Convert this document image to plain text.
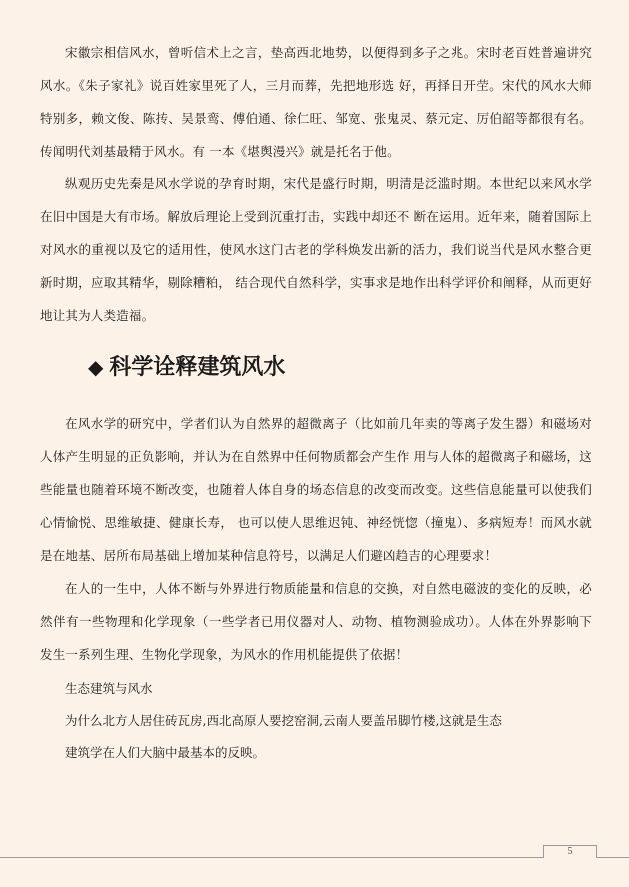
宋徽宗相信风水，曾听信术上之言，垫高西北地势，以便得到多子之兆。宋时老百姓普遍讲究风水。《朱子家礼》说百姓家里死了人，三月而葬，先把地形选 好，再择日开茔。宋代的风水大师特别多，赖文俊、陈抟、吴景鸾、傅伯通、徐仁旺、邹宽、张鬼灵、蔡元定、厉伯韶等都很有名。 传闻明代刘基最精于风水。有 一本《堪舆漫兴》就是托名于他。

纵观历史先秦是风水学说的孕育时期，宋代是盛行时期，明清是泛滥时期。本世纪以来风水学在旧中国是大有市场。解放后理论上受到沉重打击，实践中却还不 断在运用。近年来，随着国际上对风水的重视以及它的适用性，使风水这门古老的学科焕发出新的活力，我们说当代是风水整合更新时期，应取其精华，剔除糟粕， 结合现代自然科学，实事求是地作出科学评价和阐释，从而更好地让其为人类造福。

◆ 科学诠释建筑风水

在风水学的研究中，学者们认为自然界的超微离子（比如前几年卖的等离子发生器）和磁场对人体产生明显的正负影响，并认为在自然界中任何物质都会产生作 用与人体的超微离子和磁场，这些能量也随着环境不断改变，也随着人体自身的场态信息的改变而改变。这些信息能量可以使我们心情愉悦、思维敏捷、健康长寿， 也可以使人思维迟钝、神经恍惚（撞鬼）、多病短寿！而风水就是在地基、居所布局基础上增加某种信息符号，以满足人们避凶趋吉的心理要求！

在人的一生中，人体不断与外界进行物质能量和信息的交换，对自然电磁波的变化的反映，必然伴有一些物理和化学现象（一些学者已用仪器对人、动物、植物测验成功）。人体在外界影响下发生一系列生理、生物化学现象，为风水的作用机能提供了依据！

生态建筑与风水

为什么北方人居住砖瓦房,西北高原人要挖窑洞,云南人要盖吊脚竹楼,这就是生态

建筑学在人们大脑中最基本的反映。

5
